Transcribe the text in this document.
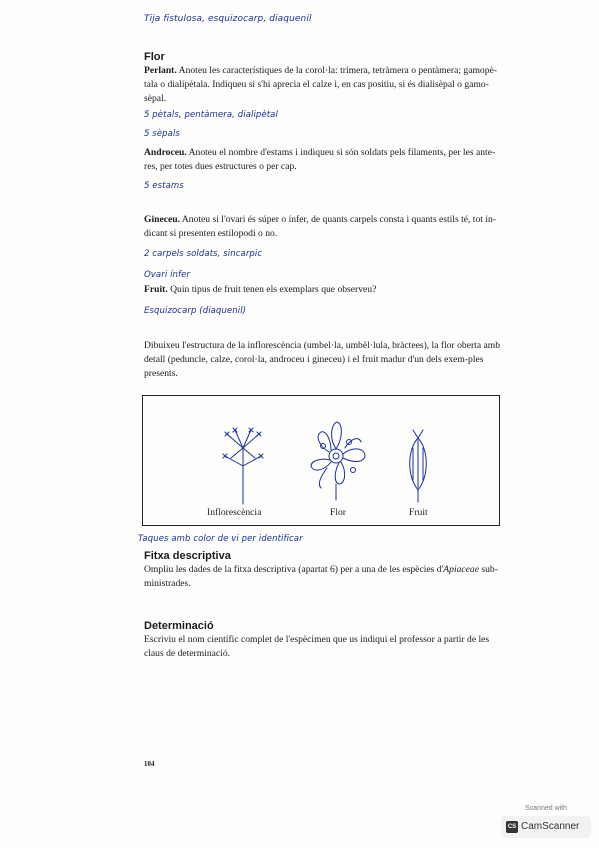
Tija fistulosa, esquizocarp, diaquenil
Flor
Perlant. Anoteu les característiques de la corol·la: trímera, tetràmera o pentàmera; gamopè-tala o dialipètala. Indiqueu si s'hi aprecia el calze i, en cas positiu, si és dialisèpal o gamo-sèpal.
5 pètals, pentàmera, dialipètal
5 sèpals
Androceu. Anoteu el nombre d'estams i indiqueu si són soldats pels filaments, per les ante-res, per totes dues estructures o per cap.
5 estams
Gineceu. Anoteu si l'ovari és súper o ínfer, de quants carpels consta i quants estils té, tot in-dicant si presenten estilopodi o no.
2 carpels soldats, sincarpic
Ovari ínfer
Fruit. Quin tipus de fruit tenen els exemplars que observeu?
Esquizocarp (diaquenil)
Dibuixeu l'estructura de la inflorescència (umbel·la, umbèl·lula, bràctees), la flor oberta amb detall (peduncle, calze, corol·la, androceu i gineceu) i el fruit madur d'un dels exem-ples presents.
Inflorescència	Flor	Fruit
Taques amb color de vi per identificar
Fitxa descriptiva
Ompliu les dades de la fitxa descriptiva (apartat 6) per a una de les espècies d'Apiaceae sub-ministrades.
Determinació
Escriviu el nom científic complet de l'espècimen que us indiqui el professor a partir de les claus de determinació.
104
Scanned with
CS CamScanner
